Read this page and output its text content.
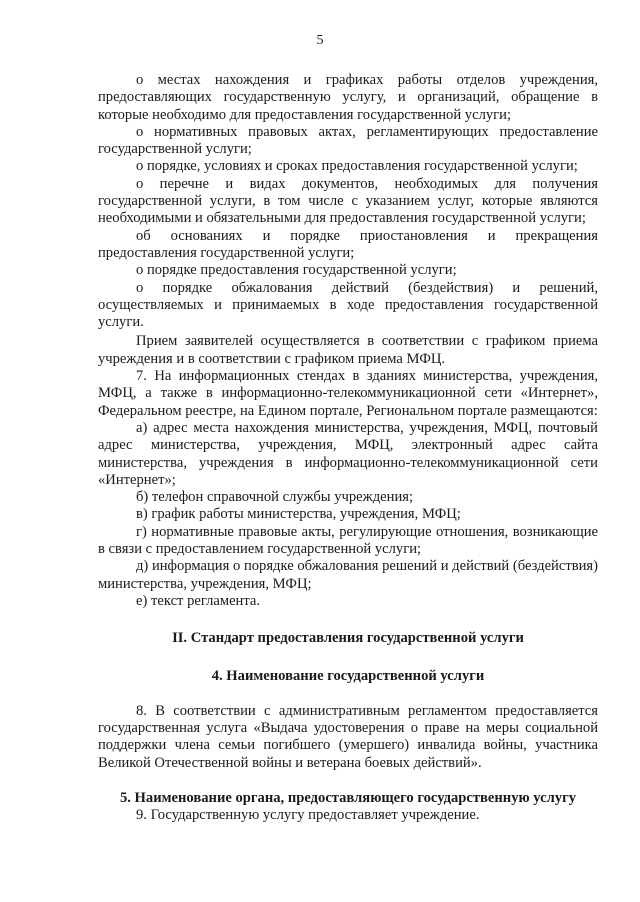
5

о местах нахождения и графиках работы отделов учреждения, предоставляющих государственную услугу, и организаций, обращение в которые необходимо для предоставления государственной услуги;

о нормативных правовых актах, регламентирующих предоставление государственной услуги;

о порядке, условиях и сроках предоставления государственной услуги;

о перечне и видах документов, необходимых для получения государственной услуги, в том числе с указанием услуг, которые являются необходимыми и обязательными для предоставления государственной услуги;

об основаниях и порядке приостановления и прекращения предоставления государственной услуги;

о порядке предоставления государственной услуги;

о порядке обжалования действий (бездействия) и решений, осуществляемых и принимаемых в ходе предоставления государственной услуги.

Прием заявителей осуществляется в соответствии с графиком приема учреждения и в соответствии с графиком приема МФЦ.

7. На информационных стендах в зданиях министерства, учреждения, МФЦ, а также в информационно-телекоммуникационной сети «Интернет», Федеральном реестре, на Едином портале, Региональном портале размещаются:

а) адрес места нахождения министерства, учреждения, МФЦ, почтовый адрес министерства, учреждения, МФЦ, электронный адрес сайта министерства, учреждения в информационно-телекоммуникационной сети «Интернет»;

б) телефон справочной службы учреждения;

в) график работы министерства, учреждения, МФЦ;

г) нормативные правовые акты, регулирующие отношения, возникающие в связи с предоставлением государственной услуги;

д) информация о порядке обжалования решений и действий (бездействия) министерства, учреждения, МФЦ;

е) текст регламента.

II. Стандарт предоставления государственной услуги
4. Наименование государственной услуги

8. В соответствии с административным регламентом предоставляется государственная услуга «Выдача удостоверения о праве на меры социальной поддержки члена семьи погибшего (умершего) инвалида войны, участника Великой Отечественной войны и ветерана боевых действий».

5. Наименование органа, предоставляющего государственную услугу

9. Государственную услугу предоставляет учреждение.
